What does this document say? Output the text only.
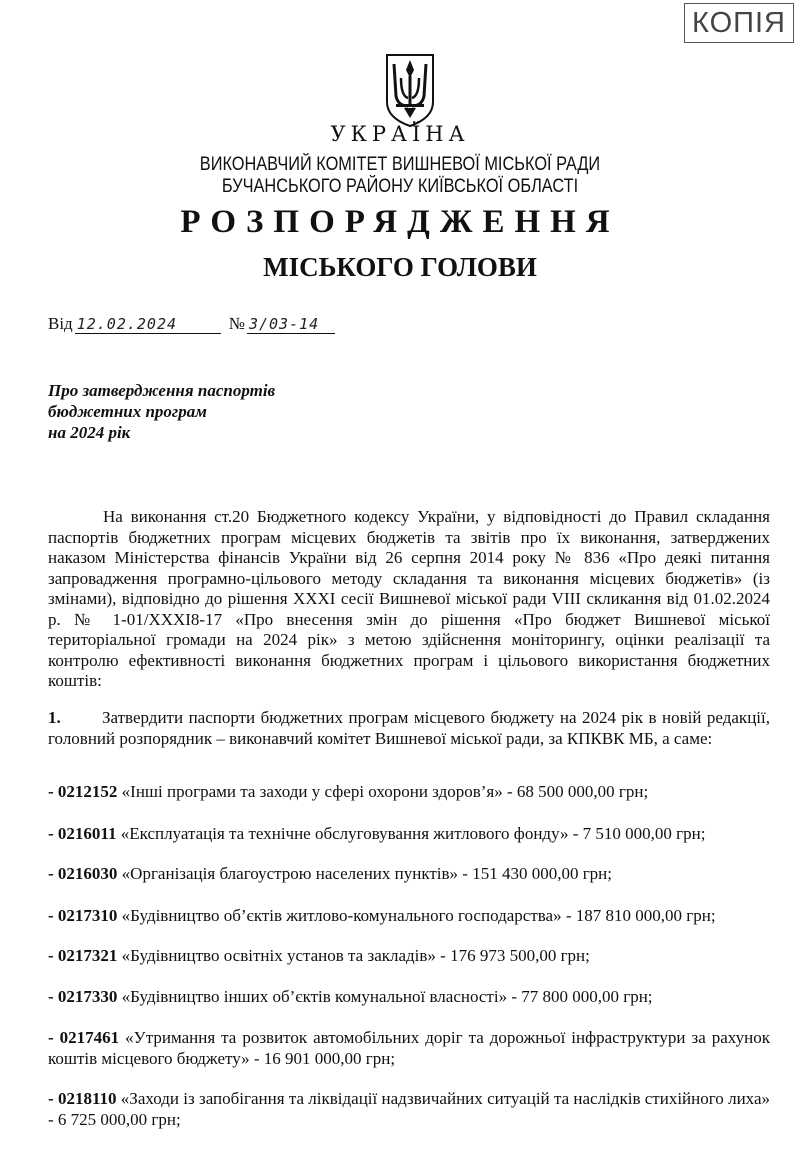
КОПІЯ
УКРАЇНА
ВИКОНАВЧИЙ КОМІТЕТ ВИШНЕВОЇ МІСЬКОЇ РАДИ
БУЧАНСЬКОГО РАЙОНУ КИЇВСЬКОЇ ОБЛАСТІ
РОЗПОРЯДЖЕННЯ
МІСЬКОГО ГОЛОВИ
Від 12.02.2024	№ 3/03-14
Про затвердження паспортів
бюджетних програм
на 2024 рік
На виконання ст.20 Бюджетного кодексу України, у відповідності до Правил складання паспортів бюджетних програм місцевих бюджетів та звітів про їх виконання, затверджених наказом Міністерства фінансів України від 26 серпня 2014 року № 836 «Про деякі питання запровадження програмно-цільового методу складання та виконання місцевих бюджетів» (із змінами), відповідно до рішення XXXI сесії Вишневої міської ради VIII скликання від 01.02.2024 р. № 1-01/XXXI8-17 «Про внесення змін до рішення «Про бюджет Вишневої міської територіальної громади на 2024 рік» з метою здійснення моніторингу, оцінки реалізації та контролю ефективності виконання бюджетних програм і цільового використання бюджетних коштів:
1. Затвердити паспорти бюджетних програм місцевого бюджету на 2024 рік в новій редакції, головний розпорядник – виконавчий комітет Вишневої міської ради, за КПКВК МБ, а саме:
- 0212152 «Інші програми та заходи у сфері охорони здоров’я» - 68 500 000,00 грн;
- 0216011 «Експлуатація та технічне обслуговування житлового фонду» - 7 510 000,00 грн;
- 0216030 «Організація благоустрою населених пунктів» - 151 430 000,00 грн;
- 0217310 «Будівництво об’єктів житлово-комунального господарства» - 187 810 000,00 грн;
- 0217321 «Будівництво освітніх установ та закладів» - 176 973 500,00 грн;
- 0217330 «Будівництво інших об’єктів комунальної власності» - 77 800 000,00 грн;
- 0217461 «Утримання та розвиток автомобільних доріг та дорожньої інфраструктури за рахунок коштів місцевого бюджету» - 16 901 000,00 грн;
- 0218110 «Заходи із запобігання та ліквідації надзвичайних ситуацій та наслідків стихійного лиха» - 6 725 000,00 грн;
